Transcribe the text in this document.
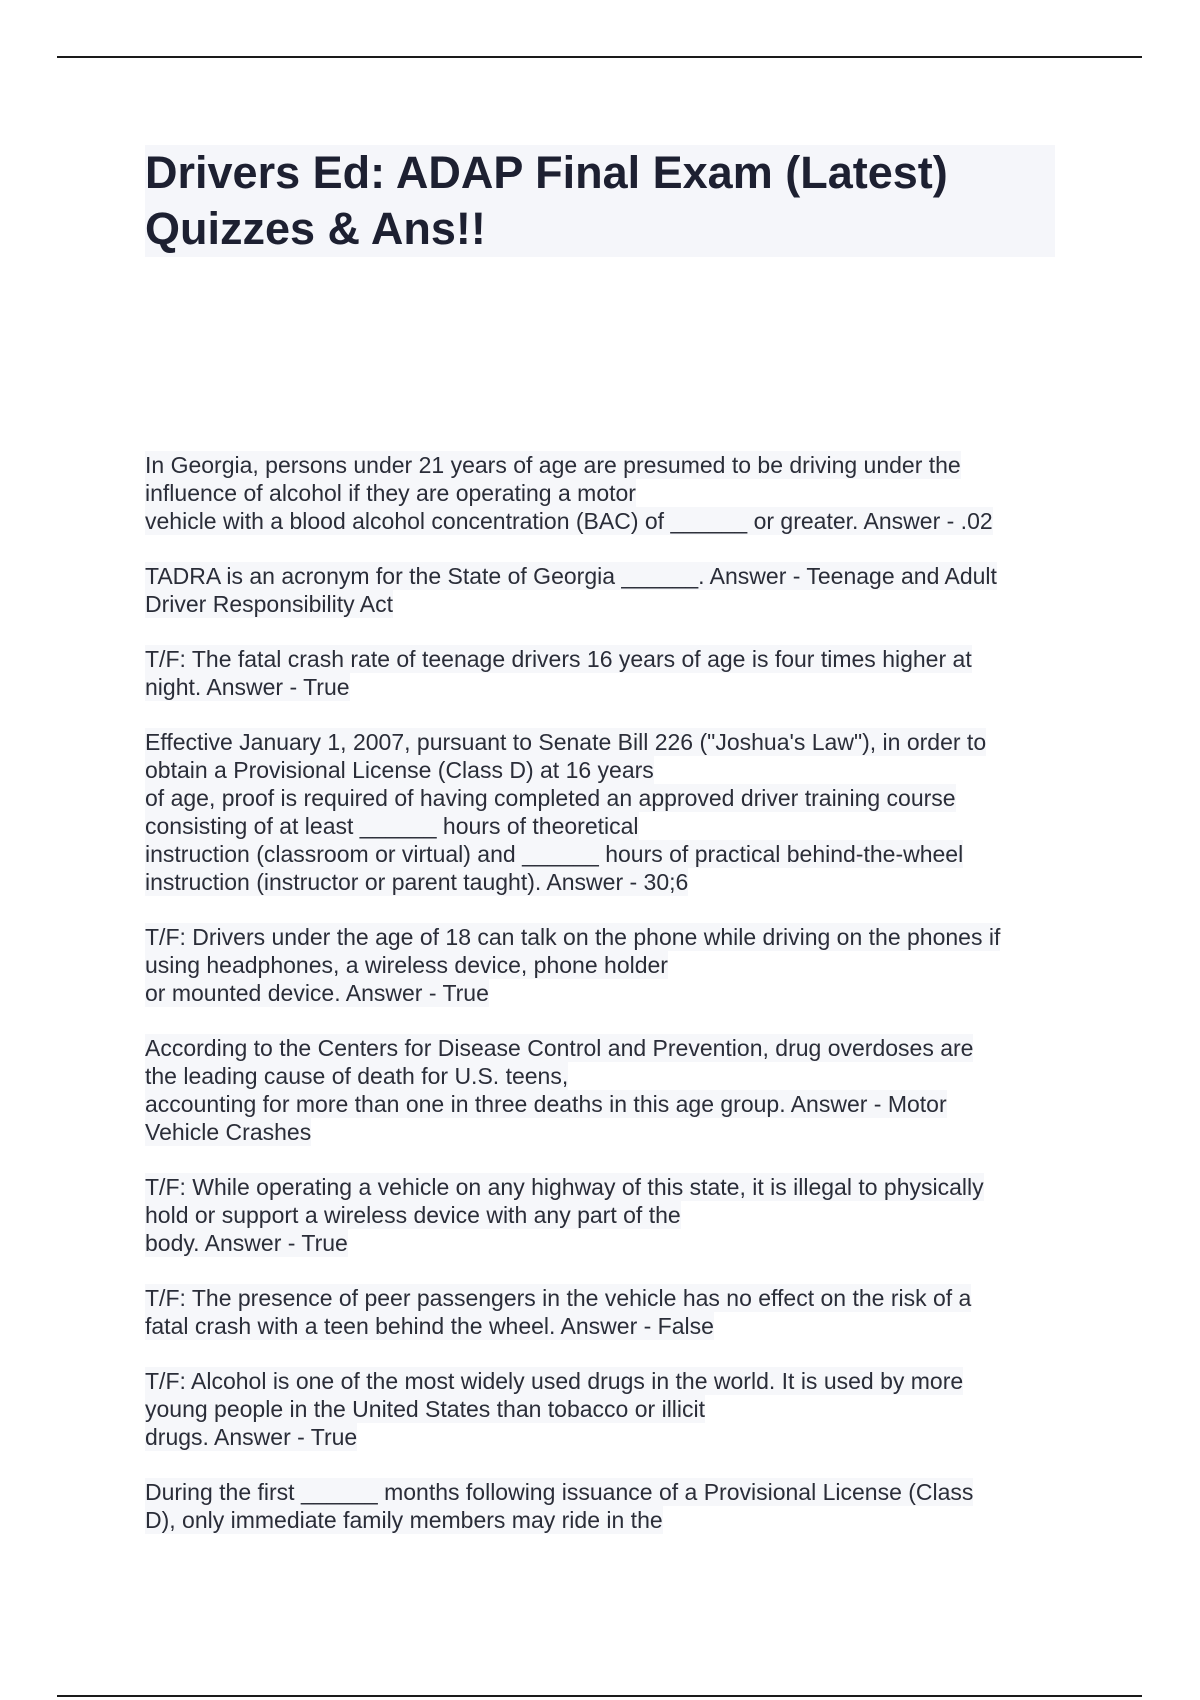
Drivers Ed: ADAP Final Exam (Latest)
Quizzes & Ans!!
In Georgia, persons under 21 years of age are presumed to be driving under the
influence of alcohol if they are operating a motor
vehicle with a blood alcohol concentration (BAC) of ______ or greater. Answer - .02
TADRA is an acronym for the State of Georgia ______. Answer - Teenage and Adult
Driver Responsibility Act
T/F: The fatal crash rate of teenage drivers 16 years of age is four times higher at
night. Answer - True
Effective January 1, 2007, pursuant to Senate Bill 226 ("Joshua's Law"), in order to
obtain a Provisional License (Class D) at 16 years
of age, proof is required of having completed an approved driver training course
consisting of at least ______ hours of theoretical
instruction (classroom or virtual) and ______ hours of practical behind-the-wheel
instruction (instructor or parent taught). Answer - 30;6
T/F: Drivers under the age of 18 can talk on the phone while driving on the phones if
using headphones, a wireless device, phone holder
or mounted device. Answer - True
According to the Centers for Disease Control and Prevention, drug overdoses are
the leading cause of death for U.S. teens,
accounting for more than one in three deaths in this age group. Answer - Motor
Vehicle Crashes
T/F: While operating a vehicle on any highway of this state, it is illegal to physically
hold or support a wireless device with any part of the
body. Answer - True
T/F: The presence of peer passengers in the vehicle has no effect on the risk of a
fatal crash with a teen behind the wheel. Answer - False
T/F: Alcohol is one of the most widely used drugs in the world. It is used by more
young people in the United States than tobacco or illicit
drugs. Answer - True
During the first ______ months following issuance of a Provisional License (Class
D), only immediate family members may ride in the
